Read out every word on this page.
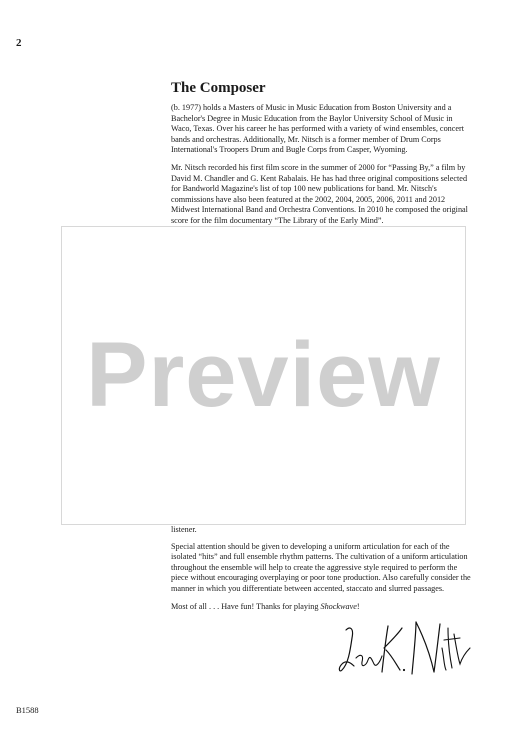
2
The Composer

(b. 1977) holds a Masters of Music in Music Education from Boston University and a Bachelor's Degree in Music Education from the Baylor University School of Music in Waco, Texas. Over his career he has performed with a variety of wind ensembles, concert bands and orchestras. Additionally, Mr. Nitsch is a former member of Drum Corps International's Troopers Drum and Bugle Corps from Casper, Wyoming.

Mr. Nitsch recorded his first film score in the summer of 2000 for “Passing By,” a film by David M. Chandler and G. Kent Rabalais. He has had three original compositions selected for Bandworld Magazine's list of top 100 new publications for band. Mr. Nitsch's commissions have also been featured at the 2002, 2004, 2005, 2006, 2011 and 2012 Midwest International Band and Orchestra Conventions. In 2010 he composed the original score for the film documentary “The Library of the Early Mind”.

Preview

listener.

Special attention should be given to developing a uniform articulation for each of the isolated “hits” and full ensemble rhythm patterns. The cultivation of a uniform articulation throughout the ensemble will help to create the aggressive style required to perform the piece without encouraging overplaying or poor tone production. Also carefully consider the manner in which you differentiate between accented, staccato and slurred passages.

Most of all . . . Have fun! Thanks for playing Shockwave!

B1588
